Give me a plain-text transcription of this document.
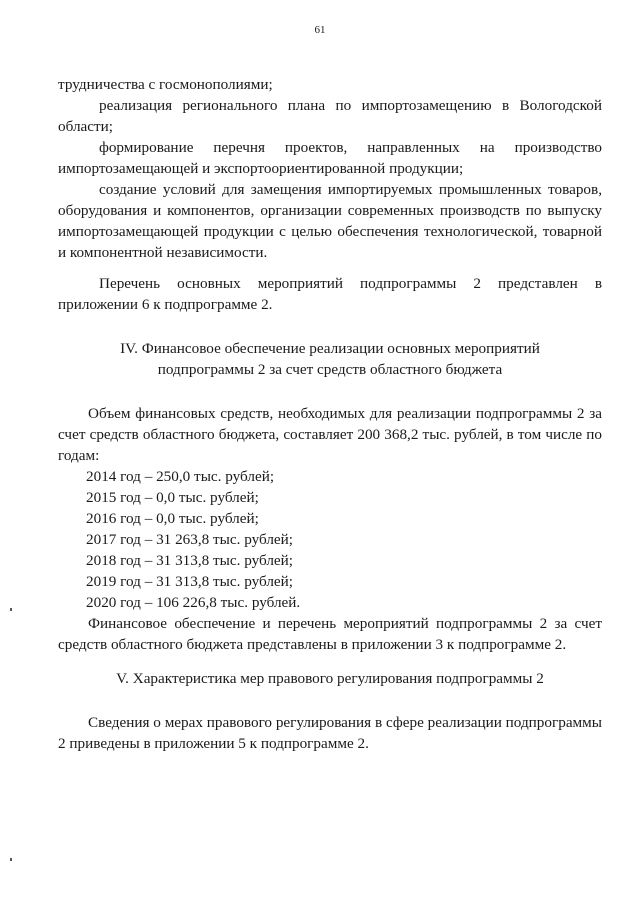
61

трудничества с госмонополиями;

реализация регионального плана по импортозамещению в Вологодской области;

формирование перечня проектов, направленных на производство импортозамещающей и экспортоориентированной продукции;

создание условий для замещения импортируемых промышленных товаров, оборудования и компонентов, организации современных производств по выпуску импортозамещающей продукции с целью обеспечения технологической, товарной и компонентной независимости.

Перечень основных мероприятий подпрограммы 2 представлен в приложении 6 к подпрограмме 2.

IV. Финансовое обеспечение реализации основных мероприятий
подпрограммы 2 за счет средств областного бюджета

Объем финансовых средств, необходимых для реализации подпрограммы 2 за счет средств областного бюджета, составляет 200 368,2 тыс. рублей, в том числе по годам:

2014 год – 250,0 тыс. рублей;
2015 год – 0,0 тыс. рублей;
2016 год – 0,0 тыс. рублей;
2017 год – 31 263,8 тыс. рублей;
2018 год – 31 313,8 тыс. рублей;
2019 год – 31 313,8 тыс. рублей;
2020 год – 106 226,8 тыс. рублей.

Финансовое обеспечение и перечень мероприятий подпрограммы 2 за счет средств областного бюджета представлены в приложении 3 к подпрограмме 2.

V. Характеристика мер правового регулирования подпрограммы 2

Сведения о мерах правового регулирования в сфере реализации подпрограммы 2 приведены в приложении 5 к подпрограмме 2.
